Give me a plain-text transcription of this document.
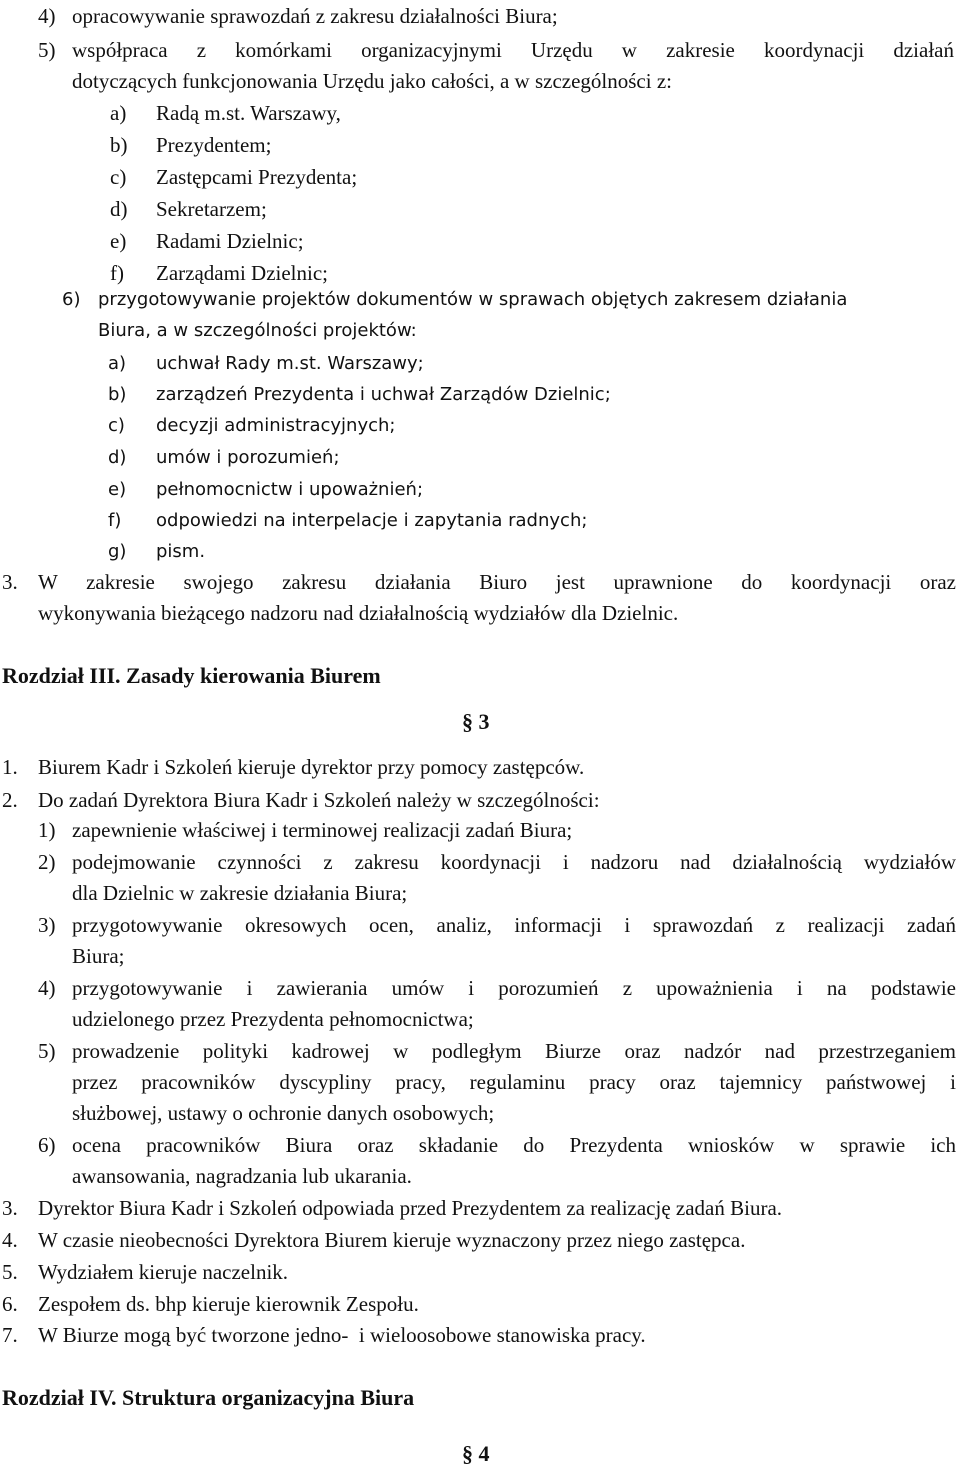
4) opracowywanie sprawozdań z zakresu działalności Biura;
5) współpraca z komórkami organizacyjnymi Urzędu w zakresie koordynacji działań
dotyczących funkcjonowania Urzędu jako całości, a w szczególności z:
a) Radą m.st. Warszawy,
b) Prezydentem;
c) Zastępcami Prezydenta;
d) Sekretarzem;
e) Radami Dzielnic;
f) Zarządami Dzielnic;
6) przygotowywanie projektów dokumentów w sprawach objętych zakresem działania
Biura, a w szczególności projektów:
a) uchwał Rady m.st. Warszawy;
b) zarządzeń Prezydenta i uchwał Zarządów Dzielnic;
c) decyzji administracyjnych;
d) umów i porozumień;
e) pełnomocnictw i upoważnień;
f) odpowiedzi na interpelacje i zapytania radnych;
g) pism.
3. W zakresie swojego zakresu działania Biuro jest uprawnione do koordynacji oraz
wykonywania bieżącego nadzoru nad działalnością wydziałów dla Dzielnic.
Rozdział III. Zasady kierowania Biurem
§ 3
1. Biurem Kadr i Szkoleń kieruje dyrektor przy pomocy zastępców.
2. Do zadań Dyrektora Biura Kadr i Szkoleń należy w szczególności:
1) zapewnienie właściwej i terminowej realizacji zadań Biura;
2) podejmowanie czynności z zakresu koordynacji i nadzoru nad działalnością wydziałów
dla Dzielnic w zakresie działania Biura;
3) przygotowywanie okresowych ocen, analiz, informacji i sprawozdań z realizacji zadań
Biura;
4) przygotowywanie i zawierania umów i porozumień z upoważnienia i na podstawie
udzielonego przez Prezydenta pełnomocnictwa;
5) prowadzenie polityki kadrowej w podległym Biurze oraz nadzór nad przestrzeganiem
przez pracowników dyscypliny pracy, regulaminu pracy oraz tajemnicy państwowej i
służbowej, ustawy o ochronie danych osobowych;
6) ocena pracowników Biura oraz składanie do Prezydenta wniosków w sprawie ich
awansowania, nagradzania lub ukarania.
3. Dyrektor Biura Kadr i Szkoleń odpowiada przed Prezydentem za realizację zadań Biura.
4. W czasie nieobecności Dyrektora Biurem kieruje wyznaczony przez niego zastępca.
5. Wydziałem kieruje naczelnik.
6. Zespołem ds. bhp kieruje kierownik Zespołu.
7. W Biurze mogą być tworzone jedno-  i wieloosobowe stanowiska pracy.
Rozdział IV. Struktura organizacyjna Biura
§ 4
